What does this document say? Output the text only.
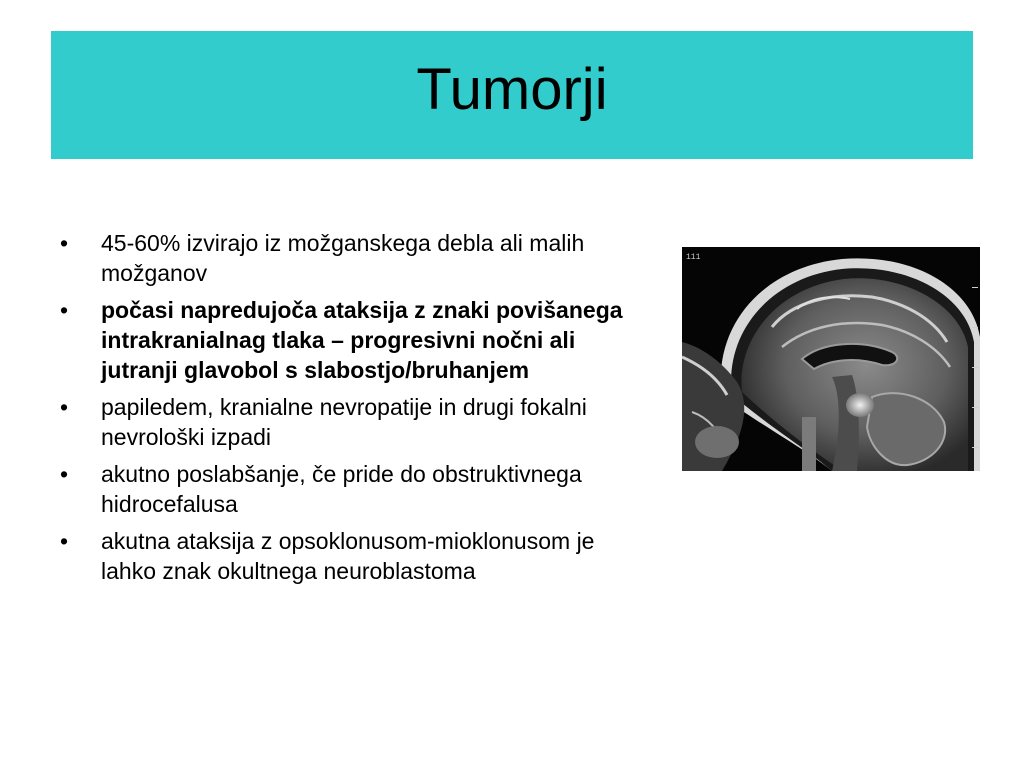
Tumorji
•	45-60% izvirajo iz možganskega debla ali malih možganov
•	počasi napredujoča ataksija z znaki povišanega intrakranialnag tlaka – progresivni nočni ali jutranji glavobol s slabostjo/bruhanjem
•	papiledem, kranialne nevropatije in drugi fokalni nevrološki izpadi
•	akutno poslabšanje, če pride do obstruktivnega hidrocefalusa
•	akutna ataksija z opsoklonusom-mioklonusom je lahko znak okultnega neuroblastoma
111
